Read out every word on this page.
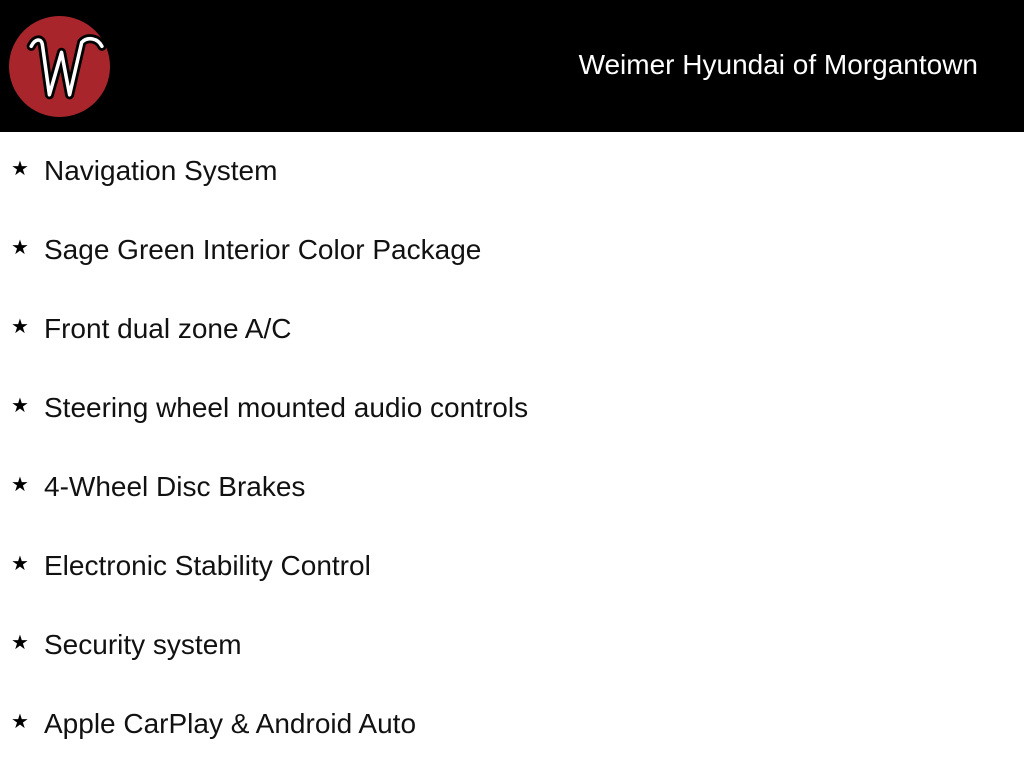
Weimer Hyundai of Morgantown
★ Navigation System
★ Sage Green Interior Color Package
★ Front dual zone A/C
★ Steering wheel mounted audio controls
★ 4-Wheel Disc Brakes
★ Electronic Stability Control
★ Security system
★ Apple CarPlay & Android Auto
